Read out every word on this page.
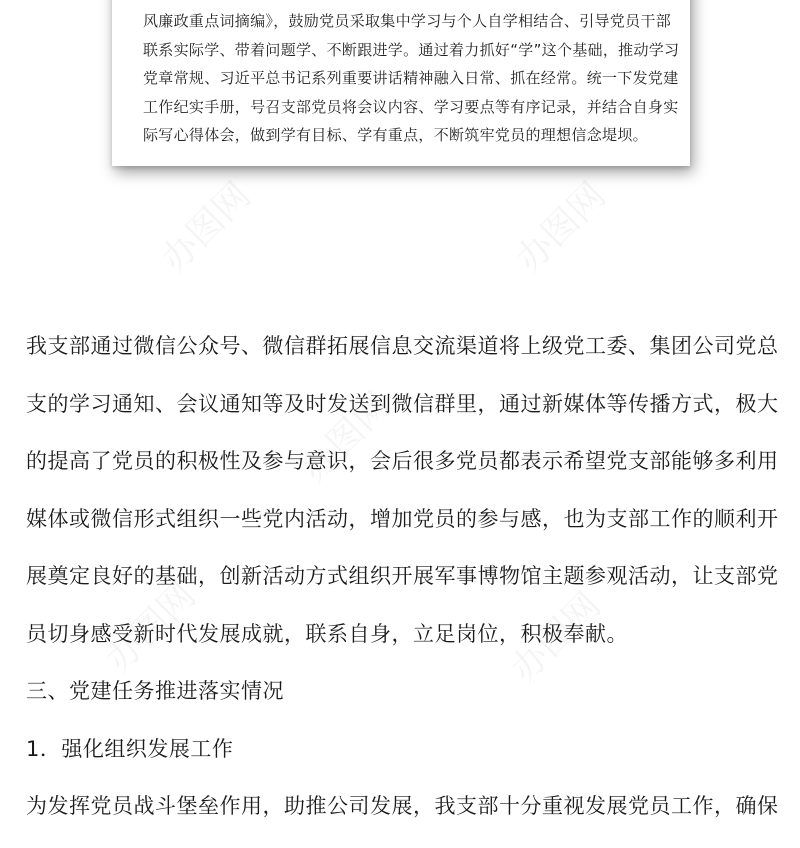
风廉政重点词摘编》，鼓励党员采取集中学习与个人自学相结合、引导党员干部
联系实际学、带着问题学、不断跟进学。通过着力抓好“学”这个基础，推动学习
党章常规、习近平总书记系列重要讲话精神融入日常、抓在经常。统一下发党建
工作纪实手册，号召支部党员将会议内容、学习要点等有序记录，并结合自身实
际写心得体会，做到学有目标、学有重点，不断筑牢党员的理想信念堤坝。
我支部通过微信公众号、微信群拓展信息交流渠道将上级党工委、集团公司党总
支的学习通知、会议通知等及时发送到微信群里，通过新媒体等传播方式，极大
的提高了党员的积极性及参与意识，会后很多党员都表示希望党支部能够多利用
媒体或微信形式组织一些党内活动，增加党员的参与感，也为支部工作的顺利开
展奠定良好的基础，创新活动方式组织开展军事博物馆主题参观活动，让支部党
员切身感受新时代发展成就，联系自身，立足岗位，积极奉献。
三、党建任务推进落实情况
1．强化组织发展工作
为发挥党员战斗堡垒作用，助推公司发展，我支部十分重视发展党员工作，确保
办图网	办图网
办图网
办图网	办图网
